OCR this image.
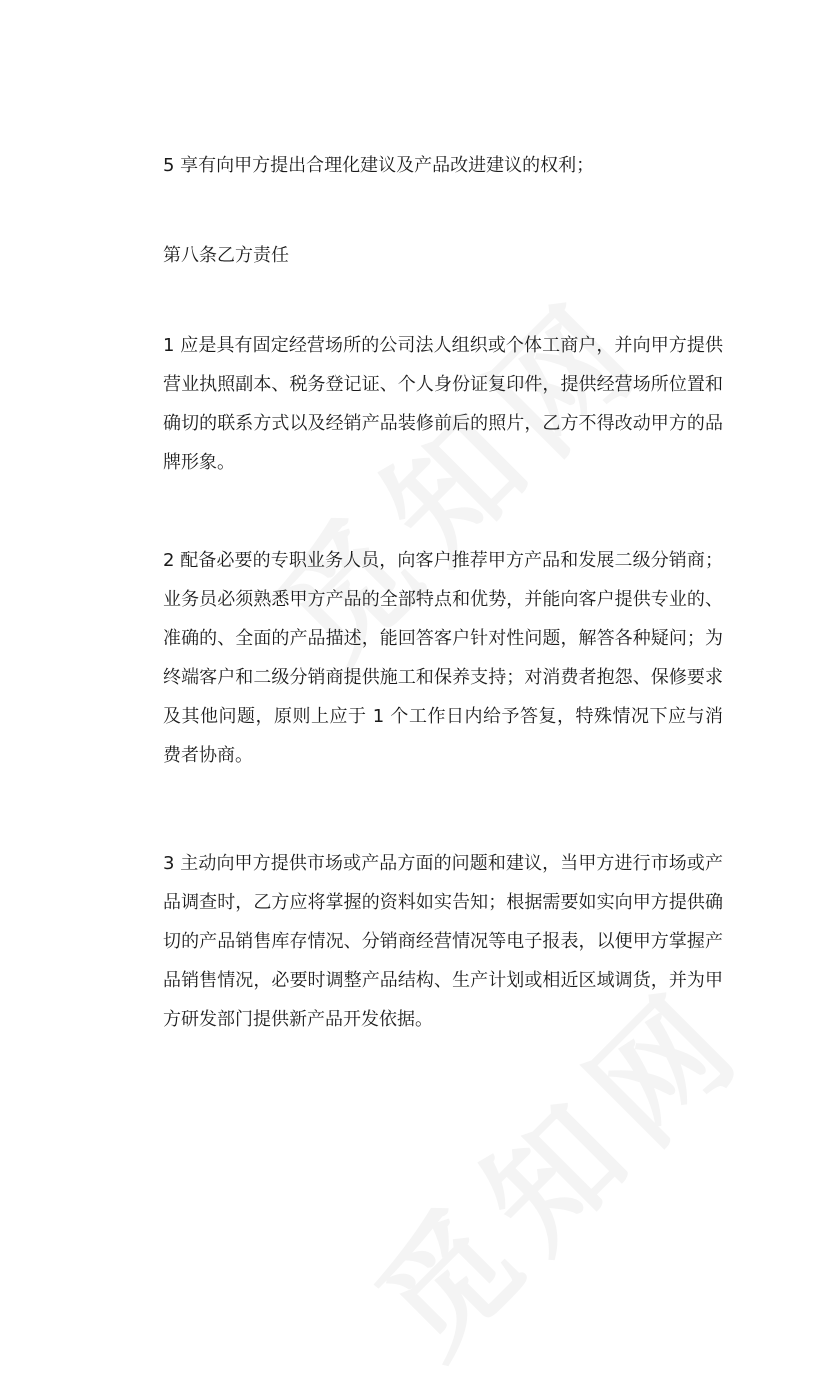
5 享有向甲方提出合理化建议及产品改进建议的权利；

第八条乙方责任

1 应是具有固定经营场所的公司法人组织或个体工商户，并向甲方提供营业执照副本、税务登记证、个人身份证复印件，提供经营场所位置和确切的联系方式以及经销产品装修前后的照片，乙方不得改动甲方的品牌形象。

2 配备必要的专职业务人员，向客户推荐甲方产品和发展二级分销商；业务员必须熟悉甲方产品的全部特点和优势，并能向客户提供专业的、准确的、全面的产品描述，能回答客户针对性问题，解答各种疑问；为终端客户和二级分销商提供施工和保养支持；对消费者抱怨、保修要求及其他问题，原则上应于 1 个工作日内给予答复，特殊情况下应与消费者协商。

3 主动向甲方提供市场或产品方面的问题和建议，当甲方进行市场或产品调查时，乙方应将掌握的资料如实告知；根据需要如实向甲方提供确切的产品销售库存情况、分销商经营情况等电子报表，以便甲方掌握产品销售情况，必要时调整产品结构、生产计划或相近区域调货，并为甲方研发部门提供新产品开发依据。
